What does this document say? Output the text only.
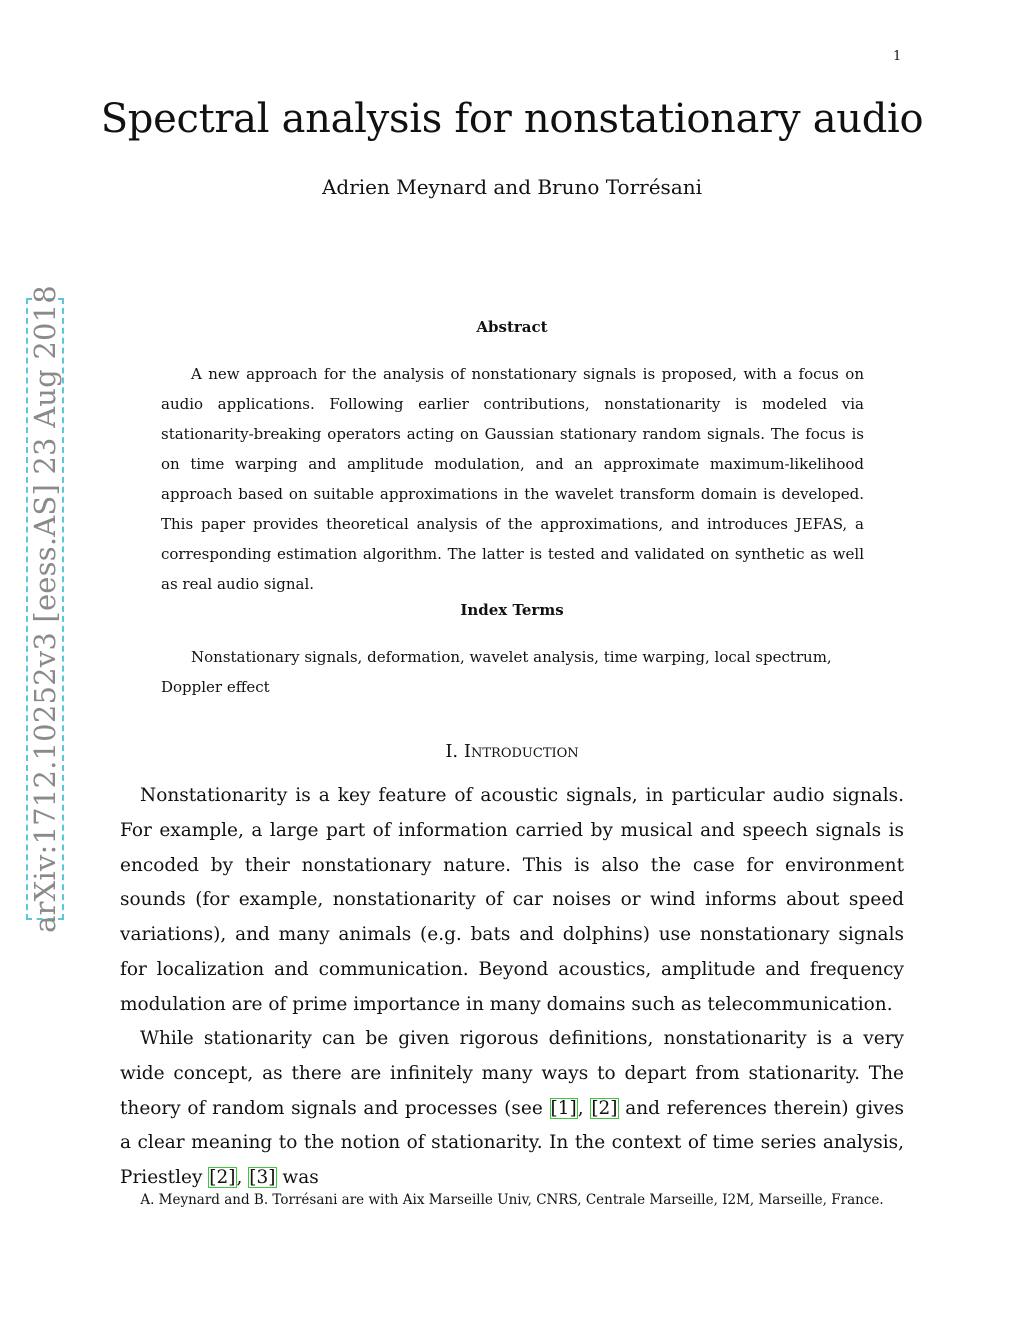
1
Spectral analysis for nonstationary audio
Adrien Meynard and Bruno Torrésani
arXiv:1712.10252v3 [eess.AS] 23 Aug 2018	Abstract

A new approach for the analysis of nonstationary signals is proposed, with a focus on audio applications. Following earlier contributions, nonstationarity is modeled via stationarity-breaking operators acting on Gaussian stationary random signals. The focus is on time warping and amplitude modulation, and an approximate maximum-likelihood approach based on suitable approximations in the wavelet transform domain is developed. This paper provides theoretical analysis of the approximations, and introduces JEFAS, a corresponding estimation algorithm. The latter is tested and validated on synthetic as well as real audio signal.

Index Terms

Nonstationary signals, deformation, wavelet analysis, time warping, local spectrum, Doppler effect

I. Introduction

Nonstationarity is a key feature of acoustic signals, in particular audio signals. For example, a large part of information carried by musical and speech signals is encoded by their nonstationary nature. This is also the case for environment sounds (for example, nonstationarity of car noises or wind informs about speed variations), and many animals (e.g. bats and dolphins) use nonstationary signals for localization and communication. Beyond acoustics, amplitude and frequency modulation are of prime importance in many domains such as telecommunication.

While stationarity can be given rigorous definitions, nonstationarity is a very wide concept, as there are infinitely many ways to depart from stationarity. The theory of random signals and processes (see [1], [2] and references therein) gives a clear meaning to the notion of stationarity. In the context of time series analysis, Priestley [2], [3] was

A. Meynard and B. Torrésani are with Aix Marseille Univ, CNRS, Centrale Marseille, I2M, Marseille, France.
